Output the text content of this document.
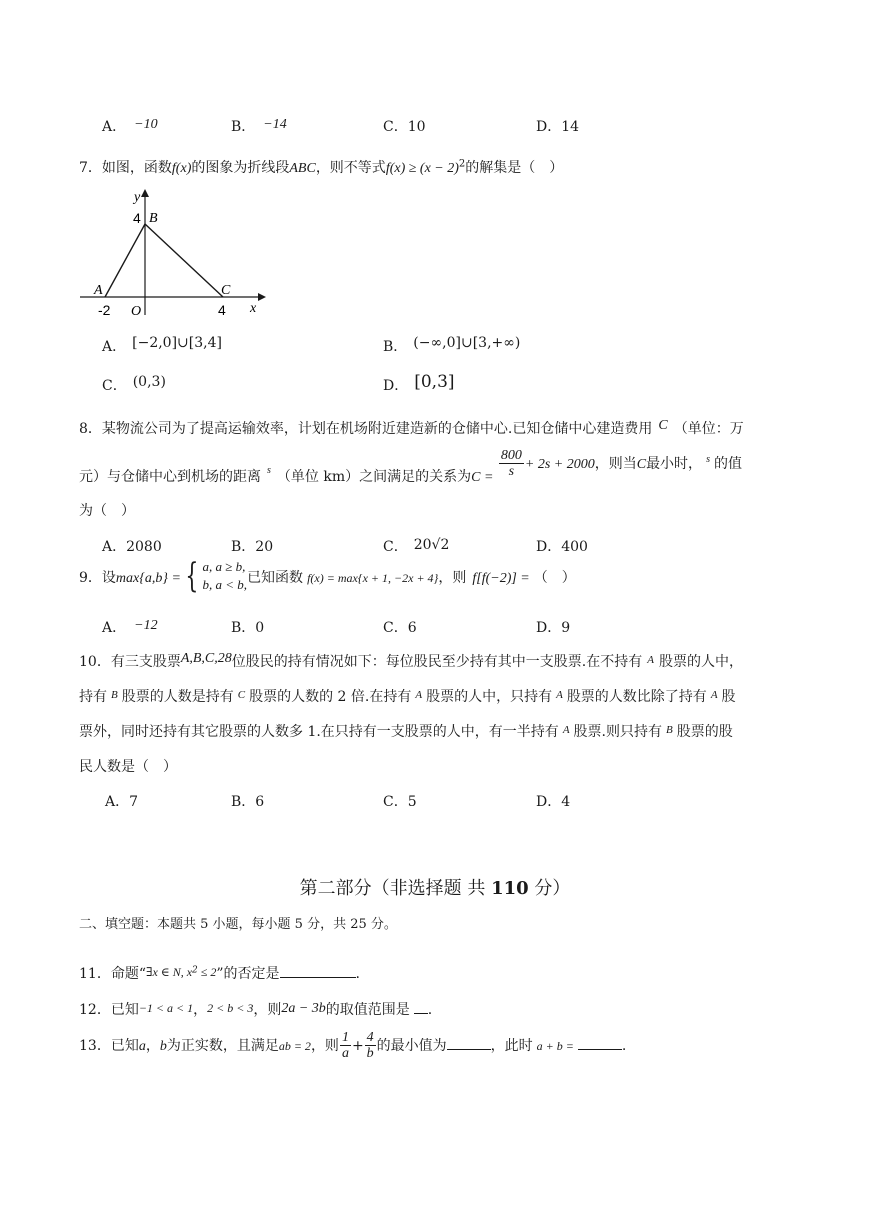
A． −10	B． −14	C．10	D．14
7．如图，函数f(x)的图象为折线段ABC，则不等式$f(x) \ge (x - 2)^2$的解集是（　）
y
B
4
A	C
-2 O	4 x
A． [−2,0]∪[3,4]	B． (−∞,0]∪[3,+∞)
C． (0,3)	D． [0,3]
8．某物流公司为了提高运输效率，计划在机场附近建造新的仓储中心.已知仓储中心建造费用 C （单位：万
元）与仓储中心到机场的距离 $_s$ （单位 km）之间满足的关系为$C = \frac{800}{s} + 2s + 2000$，则当C最小时， $^s$ 的值
为（　）
A．2080	B．20	C． 20√2	D．400
9．设max{a,b} = { a, a ≥ b,
b, a < b, 已知函数 f(x) = max{x + 1, −2x + 4}，则 f[f(−2)] = （　）
A． −12	B．0	C．6	D．9
10．有三支股票A,B,C,28位股民的持有情况如下：每位股民至少持有其中一支股票.在不持有 $^A$ 股票的人中，
持有 $^B$ 股票的人数是持有 $^C$ 股票的人数的 2 倍.在持有 $^A$ 股票的人中，只持有 $^A$ 股票的人数比除了持有 $^A$ 股
票外，同时还持有其它股票的人数多 1.在只持有一支股票的人中，有一半持有 $^A$ 股票.则只持有 $^B$ 股票的股
民人数是（　）
A．7	B．6	C．5	D．4
第二部分（非选择题 共 110 分）
二、填空题：本题共 5 小题，每小题 5 分，共 25 分。
11．命题“∃x ∈ N, $x^2 \le 2$”的否定是	.
12．已知−1 < a < 1，2 < b < 3，则2a − 3b的取值范围是 .
13．已知a，b为正实数，且满足ab = 2，则 $\frac{1}{a} + \frac{4}{b}$ 的最小值为	，此时 a + b =	.
